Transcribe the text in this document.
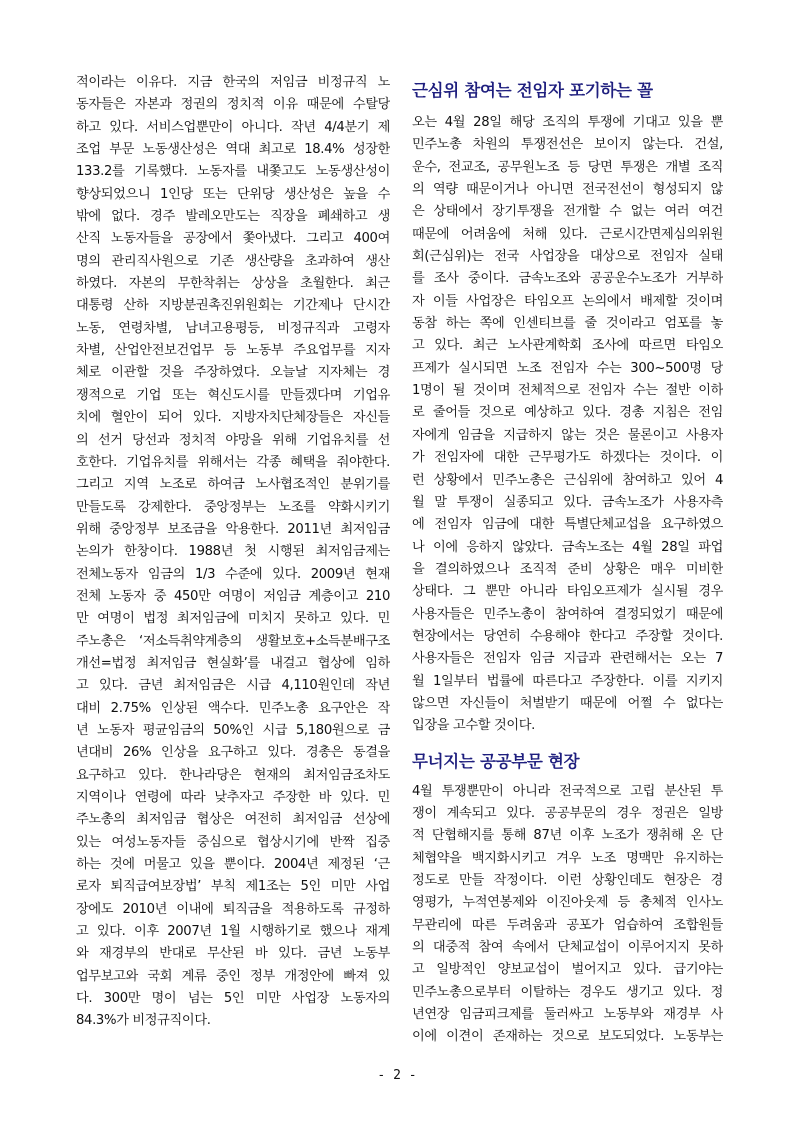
적이라는 이유다. 지금 한국의 저임금 비정규직 노
동자들은 자본과 정권의 정치적 이유 때문에 수탈당
하고 있다. 서비스업뿐만이 아니다. 작년 4/4분기 제
조업 부문 노동생산성은 역대 최고로 18.4% 성장한
133.2를 기록했다. 노동자를 내쫓고도 노동생산성이
향상되었으니 1인당 또는 단위당 생산성은 높을 수
밖에 없다. 경주 발레오만도는 직장을 폐쇄하고 생
산직 노동자들을 공장에서 쫓아냈다. 그리고 400여
명의 관리직사원으로 기존 생산량을 초과하여 생산
하였다. 자본의 무한착취는 상상을 초월한다. 최근
대통령 산하 지방분권촉진위원회는 기간제나 단시간
노동, 연령차별, 남녀고용평등, 비정규직과 고령자
차별, 산업안전보건업무 등 노동부 주요업무를 지자
체로 이관할 것을 주장하였다. 오늘날 지자체는 경
쟁적으로 기업 또는 혁신도시를 만들겠다며 기업유
치에 혈안이 되어 있다. 지방자치단체장들은 자신들
의 선거 당선과 정치적 야망을 위해 기업유치를 선
호한다. 기업유치를 위해서는 각종 혜택을 줘야한다.
그리고 지역 노조로 하여금 노사협조적인 분위기를
만들도록 강제한다. 중앙정부는 노조를 약화시키기
위해 중앙정부 보조금을 악용한다. 2011년 최저임금
논의가 한창이다. 1988년 첫 시행된 최저임금제는
전체노동자 임금의 1/3 수준에 있다. 2009년 현재
전체 노동자 중 450만 여명이 저임금 계층이고 210
만 여명이 법정 최저임금에 미치지 못하고 있다. 민
주노총은 ‘저소득취약계층의 생활보호+소득분배구조
개선=법정 최저임금 현실화’를 내걸고 협상에 임하
고 있다. 금년 최저임금은 시급 4,110원인데 작년
대비 2.75% 인상된 액수다. 민주노총 요구안은 작
년 노동자 평균임금의 50%인 시급 5,180원으로 금
년대비 26% 인상을 요구하고 있다. 경총은 동결을
요구하고 있다. 한나라당은 현재의 최저임금조차도
지역이나 연령에 따라 낮추자고 주장한 바 있다. 민
주노총의 최저임금 협상은 여전히 최저임금 선상에
있는 여성노동자들 중심으로 협상시기에 반짝 집중
하는 것에 머물고 있을 뿐이다. 2004년 제정된 ‘근
로자 퇴직급여보장법’ 부칙 제1조는 5인 미만 사업
장에도 2010년 이내에 퇴직금을 적용하도록 규정하
고 있다. 이후 2007년 1월 시행하기로 했으나 재계
와 재경부의 반대로 무산된 바 있다. 금년 노동부
업무보고와 국회 계류 중인 정부 개정안에 빠져 있
다. 300만 명이 넘는 5인 미만 사업장 노동자의
84.3%가 비정규직이다.
근심위 참여는 전임자 포기하는 꼴
오는 4월 28일 해당 조직의 투쟁에 기대고 있을 뿐
민주노총 차원의 투쟁전선은 보이지 않는다. 건설,
운수, 전교조, 공무원노조 등 당면 투쟁은 개별 조직
의 역량 때문이거나 아니면 전국전선이 형성되지 않
은 상태에서 장기투쟁을 전개할 수 없는 여러 여건
때문에 어려움에 처해 있다. 근로시간면제심의위원
회(근심위)는 전국 사업장을 대상으로 전임자 실태
를 조사 중이다. 금속노조와 공공운수노조가 거부하
자 이들 사업장은 타임오프 논의에서 배제할 것이며
동참 하는 쪽에 인센티브를 줄 것이라고 엄포를 놓
고 있다. 최근 노사관계학회 조사에 따르면 타임오
프제가 실시되면 노조 전임자 수는 300~500명 당
1명이 될 것이며 전체적으로 전임자 수는 절반 이하
로 줄어들 것으로 예상하고 있다. 경총 지침은 전임
자에게 임금을 지급하지 않는 것은 물론이고 사용자
가 전임자에 대한 근무평가도 하겠다는 것이다. 이
런 상황에서 민주노총은 근심위에 참여하고 있어 4
월 말 투쟁이 실종되고 있다. 금속노조가 사용자측
에 전임자 임금에 대한 특별단체교섭을 요구하였으
나 이에 응하지 않았다. 금속노조는 4월 28일 파업
을 결의하였으나 조직적 준비 상황은 매우 미비한
상태다. 그 뿐만 아니라 타임오프제가 실시될 경우
사용자들은 민주노총이 참여하여 결정되었기 때문에
현장에서는 당연히 수용해야 한다고 주장할 것이다.
사용자들은 전임자 임금 지급과 관련해서는 오는 7
월 1일부터 법률에 따른다고 주장한다. 이를 지키지
않으면 자신들이 처벌받기 때문에 어쩔 수 없다는
입장을 고수할 것이다.
무너지는 공공부문 현장
4월 투쟁뿐만이 아니라 전국적으로 고립 분산된 투
쟁이 계속되고 있다. 공공부문의 경우 정권은 일방
적 단협해지를 통해 87년 이후 노조가 쟁취해 온 단
체협약을 백지화시키고 겨우 노조 명맥만 유지하는
정도로 만들 작정이다. 이런 상황인데도 현장은 경
영평가, 누적연봉제와 이진아웃제 등 총체적 인사노
무관리에 따른 두려움과 공포가 엄습하여 조합원들
의 대중적 참여 속에서 단체교섭이 이루어지지 못하
고 일방적인 양보교섭이 벌어지고 있다. 급기야는
민주노총으로부터 이탈하는 경우도 생기고 있다. 정
년연장 임금피크제를 둘러싸고 노동부와 재경부 사
이에 이견이 존재하는 것으로 보도되었다. 노동부는
- 2 -
